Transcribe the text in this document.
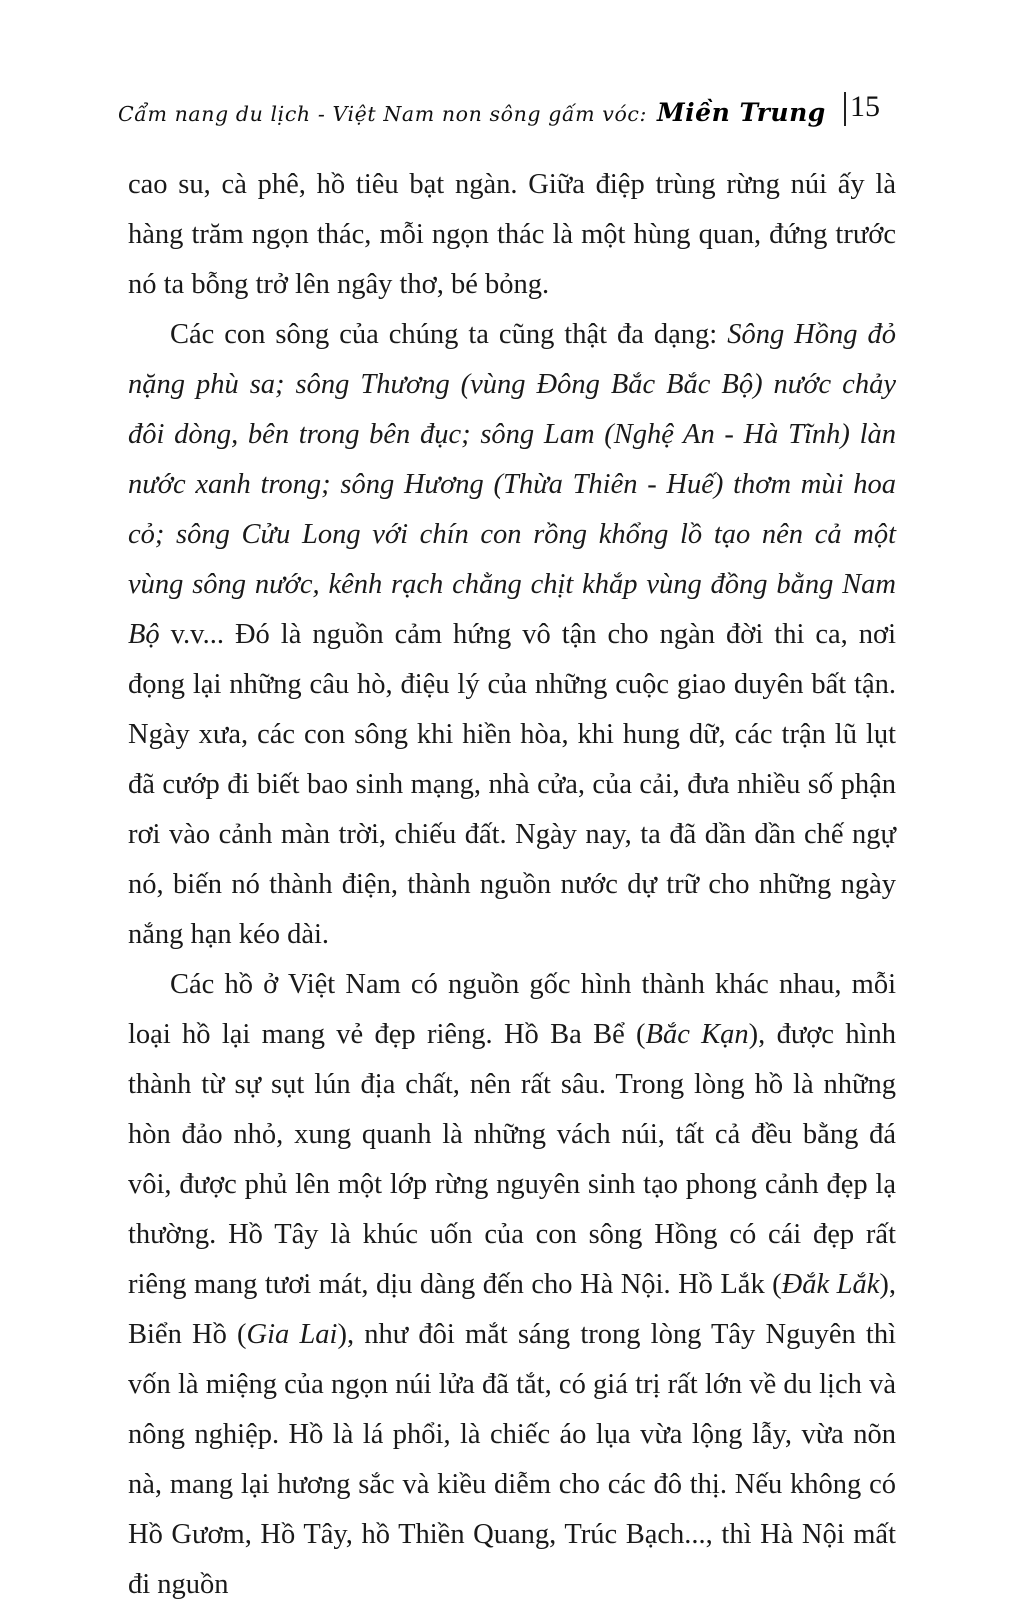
Cẩm nang du lịch - Việt Nam non sông gấm vóc: Miền Trung 15

cao su, cà phê, hồ tiêu bạt ngàn. Giữa điệp trùng rừng núi ấy là hàng trăm ngọn thác, mỗi ngọn thác là một hùng quan, đứng trước nó ta bỗng trở lên ngây thơ, bé bỏng.

Các con sông của chúng ta cũng thật đa dạng: Sông Hồng đỏ nặng phù sa; sông Thương (vùng Đông Bắc Bắc Bộ) nước chảy đôi dòng, bên trong bên đục; sông Lam (Nghệ An - Hà Tĩnh) làn nước xanh trong; sông Hương (Thừa Thiên - Huế) thơm mùi hoa cỏ; sông Cửu Long với chín con rồng khổng lồ tạo nên cả một vùng sông nước, kênh rạch chằng chịt khắp vùng đồng bằng Nam Bộ v.v... Đó là nguồn cảm hứng vô tận cho ngàn đời thi ca, nơi đọng lại những câu hò, điệu lý của những cuộc giao duyên bất tận. Ngày xưa, các con sông khi hiền hòa, khi hung dữ, các trận lũ lụt đã cướp đi biết bao sinh mạng, nhà cửa, của cải, đưa nhiều số phận rơi vào cảnh màn trời, chiếu đất. Ngày nay, ta đã dần dần chế ngự nó, biến nó thành điện, thành nguồn nước dự trữ cho những ngày nắng hạn kéo dài.

Các hồ ở Việt Nam có nguồn gốc hình thành khác nhau, mỗi loại hồ lại mang vẻ đẹp riêng. Hồ Ba Bể (Bắc Kạn), được hình thành từ sự sụt lún địa chất, nên rất sâu. Trong lòng hồ là những hòn đảo nhỏ, xung quanh là những vách núi, tất cả đều bằng đá vôi, được phủ lên một lớp rừng nguyên sinh tạo phong cảnh đẹp lạ thường. Hồ Tây là khúc uốn của con sông Hồng có cái đẹp rất riêng mang tươi mát, dịu dàng đến cho Hà Nội. Hồ Lắk (Đắk Lắk), Biển Hồ (Gia Lai), như đôi mắt sáng trong lòng Tây Nguyên thì vốn là miệng của ngọn núi lửa đã tắt, có giá trị rất lớn về du lịch và nông nghiệp. Hồ là lá phổi, là chiếc áo lụa vừa lộng lẫy, vừa nõn nà, mang lại hương sắc và kiều diễm cho các đô thị. Nếu không có Hồ Gươm, Hồ Tây, hồ Thiền Quang, Trúc Bạch..., thì Hà Nội mất đi nguồn
